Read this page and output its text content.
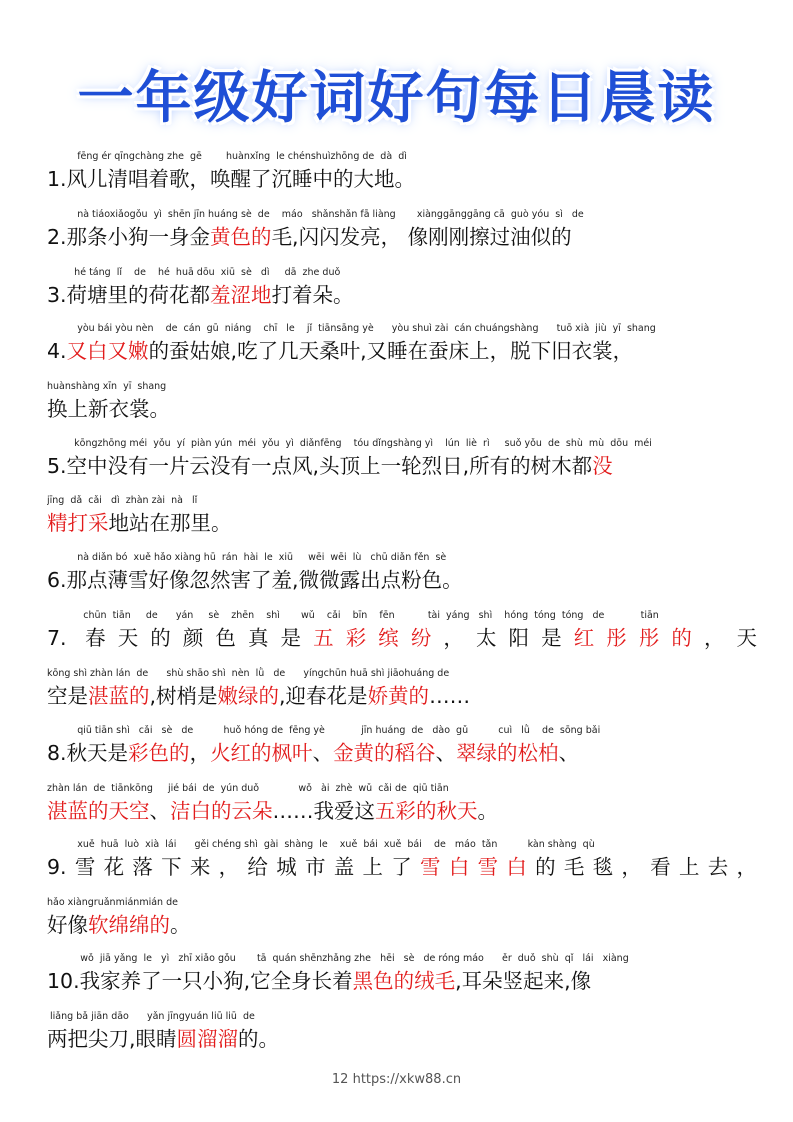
一年级好词好句每日晨读
fēng ér qīngchàng zhe  gē        huànxǐng  le chénshuìzhōng de  dà  dì
1.风儿清唱着歌，唤醒了沉睡中的大地。
nà tiáoxiǎogǒu  yì  shēn jīn huáng sè  de    máo   shǎnshǎn fā liàng       xiànggānggāng cā  guò yóu  sì   de
2.那条小狗一身金黄色的毛,闪闪发亮， 像刚刚擦过油似的
hé táng  lǐ    de    hé  huā dōu  xiū  sè   dì     dā  zhe duǒ
3.荷塘里的荷花都羞涩地打着朵。
yòu bái yòu nèn    de  cán  gū  niáng    chī   le    jǐ  tiānsāng yè      yòu shuì zài  cán chuángshàng      tuō xià  jiù  yī  shang
4.又白又嫩的蚕姑娘,吃了几天桑叶,又睡在蚕床上，脱下旧衣裳，
huànshàng xīn  yī  shang
换上新衣裳。
kōngzhōng méi  yǒu  yí  piàn yún  méi  yǒu  yì  diǎnfēng    tóu dǐngshàng yì    lún  liè  rì     suǒ yǒu  de  shù  mù  dōu  méi
5.空中没有一片云没有一点风,头顶上一轮烈日,所有的树木都没
jīng  dǎ  cǎi   dì  zhàn zài  nà   lǐ
精打采地站在那里。
nà diǎn bó  xuě hǎo xiàng hū  rán  hài  le  xiū     wēi  wēi  lù   chū diǎn fěn  sè
6.那点薄雪好像忽然害了羞,微微露出点粉色。
chūn  tiān     de      yán     sè    zhēn    shì       wǔ    cǎi    bīn    fēn           tài  yáng   shì    hóng  tóng  tóng   de            tiān
7. 春天的颜色真是五彩缤纷，太阳是红彤彤的，天
kōng shì zhàn lán  de      shù shāo shì  nèn  lǜ   de      yíngchūn huā shì jiāohuáng de
空是湛蓝的,树梢是嫩绿的,迎春花是娇黄的……
qiū tiān shì   cǎi   sè   de          huǒ hóng de  fēng yè            jīn huáng  de   dào  gǔ          cuì   lǜ    de  sōng bǎi
8.秋天是彩色的，火红的枫叶、金黄的稻谷、翠绿的松柏、
zhàn lán  de  tiānkōng     jié bái  de  yún duǒ             wǒ   ài  zhè  wǔ  cǎi de  qiū tiān
湛蓝的天空、洁白的云朵……我爱这五彩的秋天。
xuě  huā  luò  xià  lái      gěi chéng shì  gài  shàng  le    xuě  bái  xuě  bái    de   máo  tǎn          kàn shàng  qù
9.雪花落下来，给城市盖上了雪白雪白的毛毯，看上去，
hǎo xiàngruǎnmiánmián de
好像软绵绵的。
wǒ  jiā yǎng  le   yì   zhī xiǎo gǒu       tā  quán shēnzhǎng zhe   hēi   sè   de róng máo      ěr  duǒ  shù  qǐ   lái   xiàng
10.我家养了一只小狗,它全身长着黑色的绒毛,耳朵竖起来,像
liǎng bǎ jiān dāo      yǎn jīngyuán liū liū  de
两把尖刀,眼睛圆溜溜的。
12 https://xkw88.cn
